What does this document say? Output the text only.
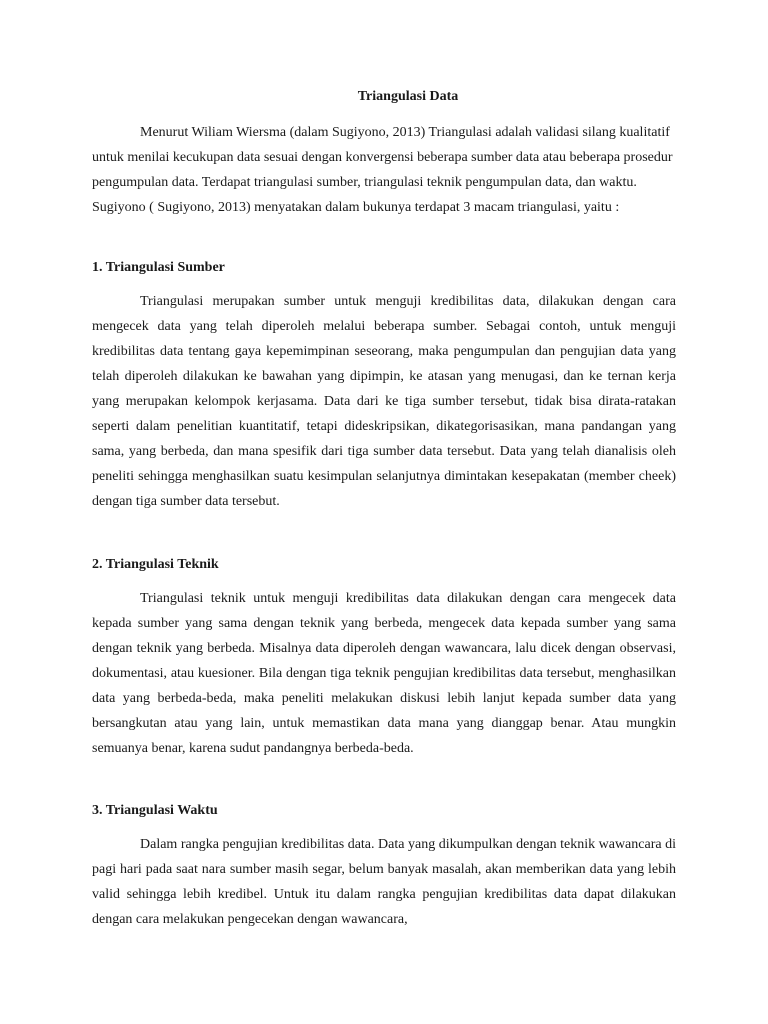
Triangulasi Data

Menurut Wiliam Wiersma (dalam Sugiyono, 2013) Triangulasi adalah validasi silang kualitatif untuk menilai kecukupan data sesuai dengan konvergensi beberapa sumber data atau beberapa prosedur pengumpulan data. Terdapat triangulasi sumber, triangulasi teknik pengumpulan data, dan waktu. Sugiyono ( Sugiyono, 2013) menyatakan dalam bukunya terdapat 3 macam triangulasi, yaitu :

1. Triangulasi Sumber

Triangulasi merupakan sumber untuk menguji kredibilitas data, dilakukan dengan cara mengecek data yang telah diperoleh melalui beberapa sumber. Sebagai contoh, untuk menguji kredibilitas data tentang gaya kepemimpinan seseorang, maka pengumpulan dan pengujian data yang telah diperoleh dilakukan ke bawahan yang dipimpin, ke atasan yang menugasi, dan ke ternan kerja yang merupakan kelompok kerjasama. Data dari ke tiga sumber tersebut, tidak bisa dirata-ratakan seperti dalam penelitian kuantitatif, tetapi dideskripsikan, dikategorisasikan, mana pandangan yang sama, yang berbeda, dan mana spesifik dari tiga sumber data tersebut. Data yang telah dianalisis oleh peneliti sehingga menghasilkan suatu kesimpulan selanjutnya dimintakan kesepakatan (member cheek) dengan tiga sumber data tersebut.

2. Triangulasi Teknik

Triangulasi teknik untuk menguji kredibilitas data dilakukan dengan cara mengecek data kepada sumber yang sama dengan teknik yang berbeda, mengecek data kepada sumber yang sama dengan teknik yang berbeda. Misalnya data diperoleh dengan wawancara, lalu dicek dengan observasi, dokumentasi, atau kuesioner. Bila dengan tiga teknik pengujian kredibilitas data tersebut, menghasilkan data yang berbeda-beda, maka peneliti melakukan diskusi lebih lanjut kepada sumber data yang bersangkutan atau yang lain, untuk memastikan data mana yang dianggap benar. Atau mungkin semuanya benar, karena sudut pandangnya berbeda-beda.

3. Triangulasi Waktu

Dalam rangka pengujian kredibilitas data. Data yang dikumpulkan dengan teknik wawancara di pagi hari pada saat nara sumber masih segar, belum banyak masalah, akan memberikan data yang lebih valid sehingga lebih kredibel. Untuk itu dalam rangka pengujian kredibilitas data dapat dilakukan dengan cara melakukan pengecekan dengan wawancara,
